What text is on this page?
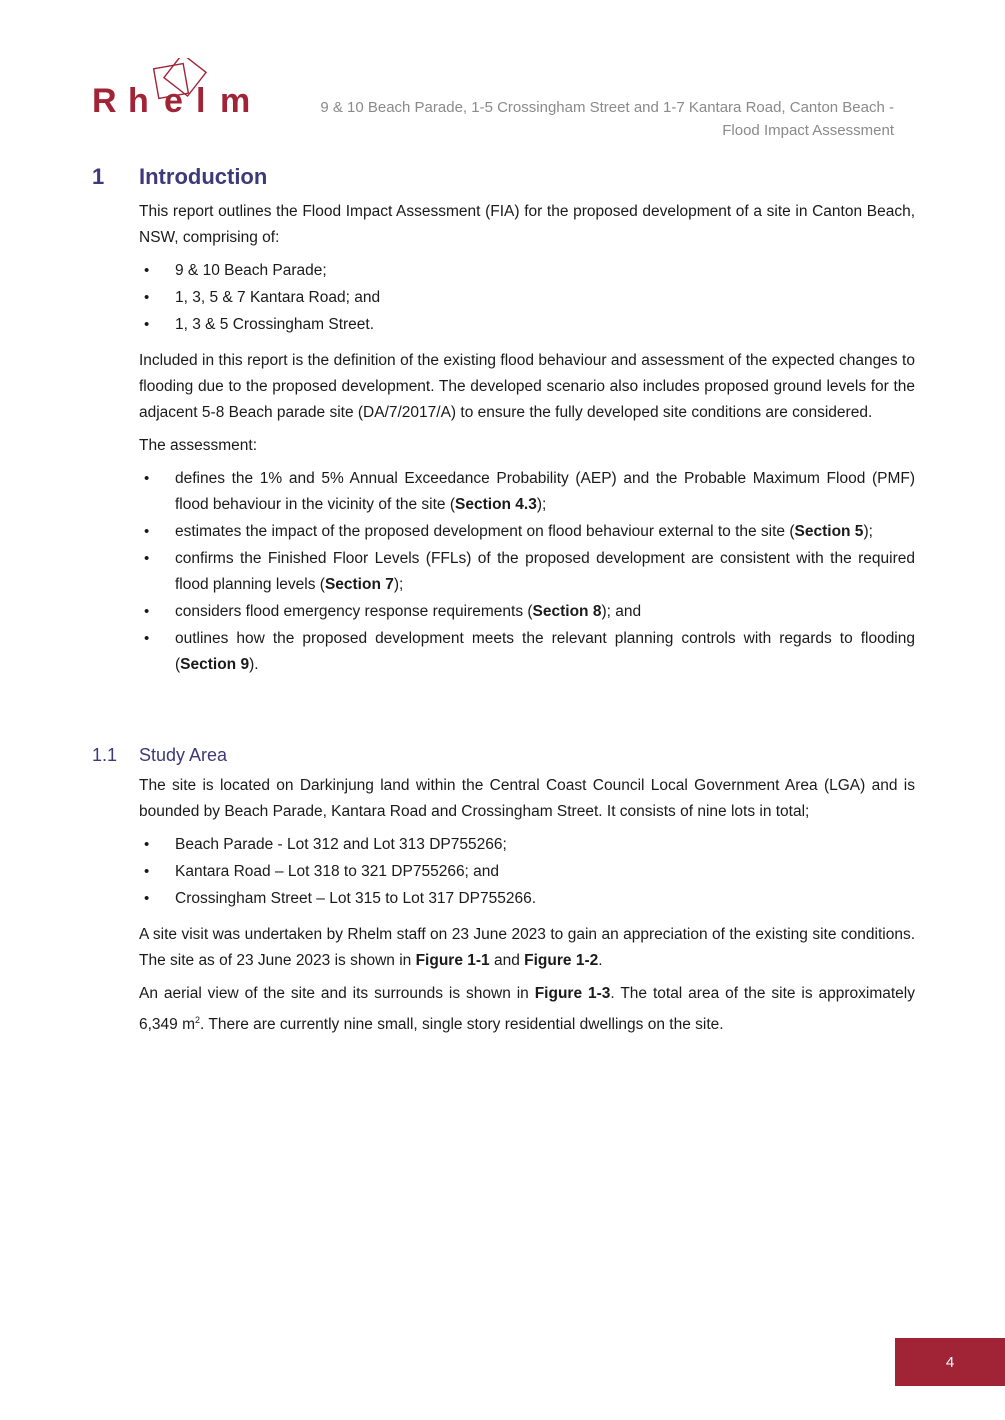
R h e l m	9 & 10 Beach Parade, 1-5 Crossingham Street and 1-7 Kantara Road, Canton Beach - Flood Impact Assessment
1 Introduction

This report outlines the Flood Impact Assessment (FIA) for the proposed development of a site in Canton Beach, NSW, comprising of:

• 9 & 10 Beach Parade;
• 1, 3, 5 & 7 Kantara Road; and
• 1, 3 & 5 Crossingham Street.

Included in this report is the definition of the existing flood behaviour and assessment of the expected changes to flooding due to the proposed development. The developed scenario also includes proposed ground levels for the adjacent 5-8 Beach parade site (DA/7/2017/A) to ensure the fully developed site conditions are considered.

The assessment:

• defines the 1% and 5% Annual Exceedance Probability (AEP) and the Probable Maximum Flood (PMF) flood behaviour in the vicinity of the site (Section 4.3);
• estimates the impact of the proposed development on flood behaviour external to the site (Section 5);
• confirms the Finished Floor Levels (FFLs) of the proposed development are consistent with the required flood planning levels (Section 7);
• considers flood emergency response requirements (Section 8); and
• outlines how the proposed development meets the relevant planning controls with regards to flooding (Section 9).
1.1 Study Area

The site is located on Darkinjung land within the Central Coast Council Local Government Area (LGA) and is bounded by Beach Parade, Kantara Road and Crossingham Street. It consists of nine lots in total;

• Beach Parade - Lot 312 and Lot 313 DP755266;
• Kantara Road – Lot 318 to 321 DP755266; and
• Crossingham Street – Lot 315 to Lot 317 DP755266.

A site visit was undertaken by Rhelm staff on 23 June 2023 to gain an appreciation of the existing site conditions. The site as of 23 June 2023 is shown in Figure 1-1 and Figure 1-2.

An aerial view of the site and its surrounds is shown in Figure 1-3. The total area of the site is approximately 6,349 $m^2$. There are currently nine small, single story residential dwellings on the site.

4
